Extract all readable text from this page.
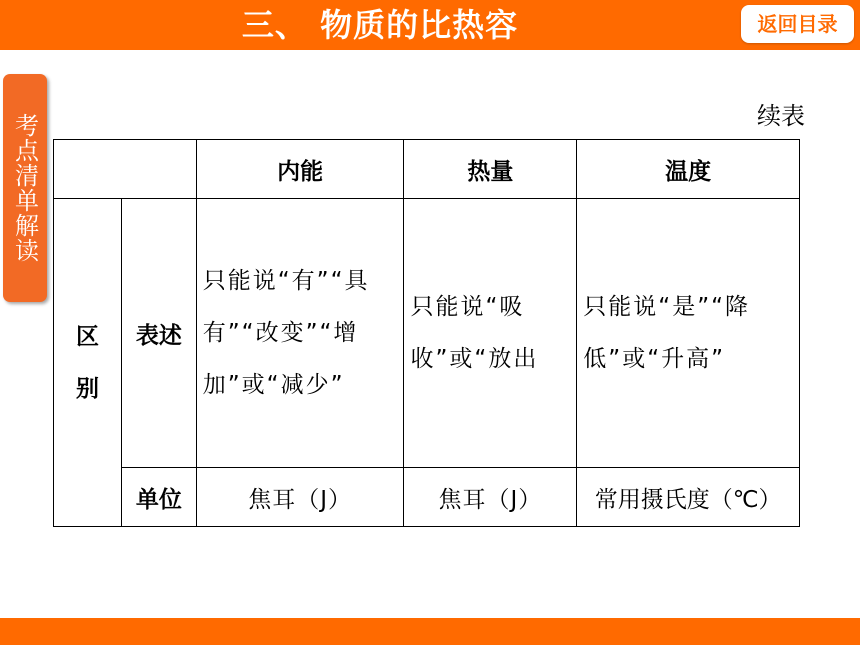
三、 物质的比热容	返回目录
考点清单解读	续表
		内能	热量	温度
区别	表述	只能说“有”“具有”“改变”“增加”或“减少”	只能说“吸收”或“放出	只能说“是”“降低”或“升高”
	单位	焦耳（J）	焦耳（J）	常用摄氏度（℃）
